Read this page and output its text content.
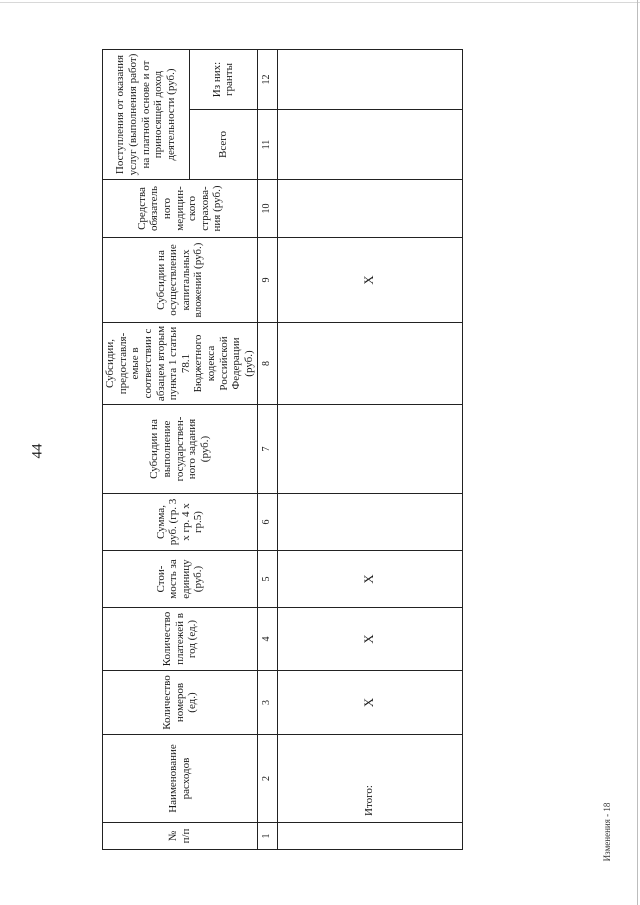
44
№ п/п	Наименование расходов	Количество номеров (ед.)	Количество платежей в год (ед.)	Стои-мость за единицу (руб.)	Сумма, руб. (гр. 3 х гр. 4 х гр.5)	Субсидии на выполнение государствен-ного задания (руб.)	Субсидии, предоставля-емые в соответствии с абзацем вторым пункта 1 статьи 78.1 Бюджетного кодекса Российской Федерации (руб.)	Субсидии на осуществление капитальных вложений (руб.)	Средства обязатель ного медицин-ского страхова-ния (руб.)	Поступления от оказания услуг (выполнения работ) на платной основе и от приносящей доход деятельности (руб.)	
										Всего	Из них: гранты
1	2	3	4	5	6	7	8	9	10	11	12
	Итого:	X	X	X				X			
Изменения - 18
